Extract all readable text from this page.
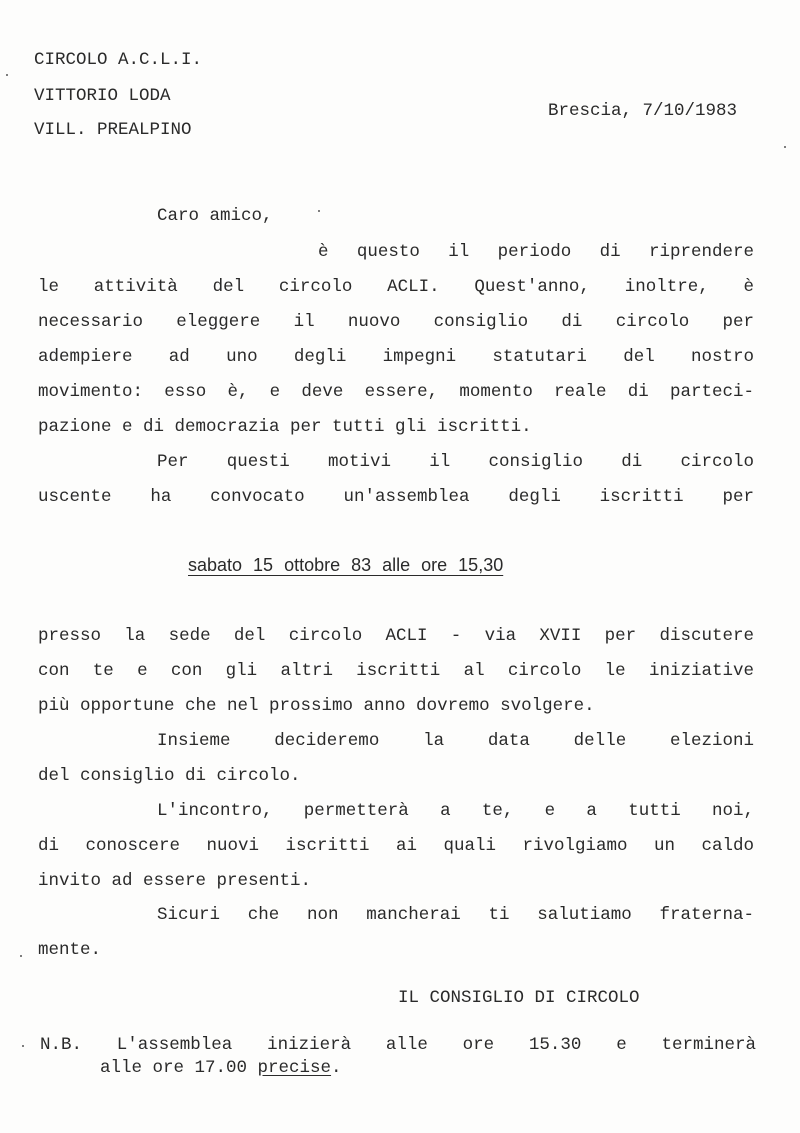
CIRCOLO A.C.L.I.
VITTORIO LODA
VILL. PREALPINO
Brescia, 7/10/1983
Caro amico,
è questo il periodo di riprendere
le attività del circolo ACLI. Quest'anno, inoltre, è
necessario eleggere il nuovo consiglio di circolo per
adempiere ad uno degli impegni statutari del nostro
movimento: esso è, e deve essere, momento reale di parteci-
pazione e di democrazia per tutti gli iscritti.
Per questi motivi il consiglio di circolo
uscente ha convocato un'assemblea degli iscritti per
sabato 15 ottobre 83 alle ore 15,30
presso la sede del circolo ACLI - via XVII per discutere
con te e con gli altri iscritti al circolo le iniziative
più opportune che nel prossimo anno dovremo svolgere.
Insieme decideremo la data delle elezioni
del consiglio di circolo.
L'incontro, permetterà a te, e a tutti noi,
di conoscere nuovi iscritti ai quali rivolgiamo un caldo
invito ad essere presenti.
Sicuri che non mancherai ti salutiamo fraterna-
mente.
IL CONSIGLIO DI CIRCOLO
N.B. L'assemblea inizierà alle ore 15.30 e terminerà
alle ore 17.00 precise.
